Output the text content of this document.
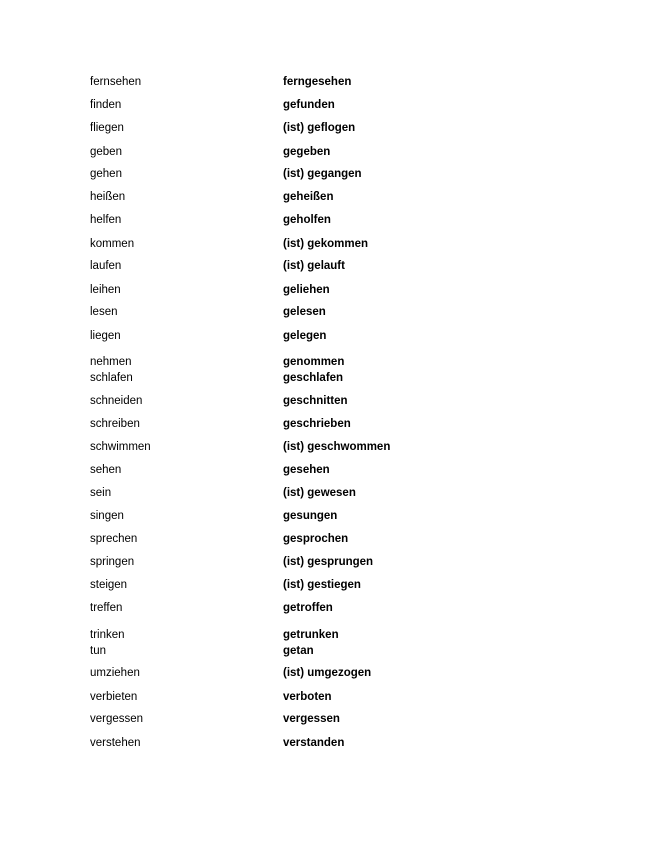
fernsehen	ferngesehen
finden	gefunden
fliegen	(ist) geflogen
geben	gegeben
gehen	(ist) gegangen
heißen	geheißen
helfen	geholfen
kommen	(ist) gekommen
laufen	(ist) gelauft
leihen	geliehen
lesen	gelesen
liegen	gelegen
nehmen	genommen
schlafen	geschlafen
schneiden	geschnitten
schreiben	geschrieben
schwimmen	(ist) geschwommen
sehen	gesehen
sein	(ist) gewesen
singen	gesungen
sprechen	gesprochen
springen	(ist) gesprungen
steigen	(ist) gestiegen
treffen	getroffen
trinken	getrunken
tun	getan
umziehen	(ist) umgezogen
verbieten	verboten
vergessen	vergessen
verstehen	verstanden
